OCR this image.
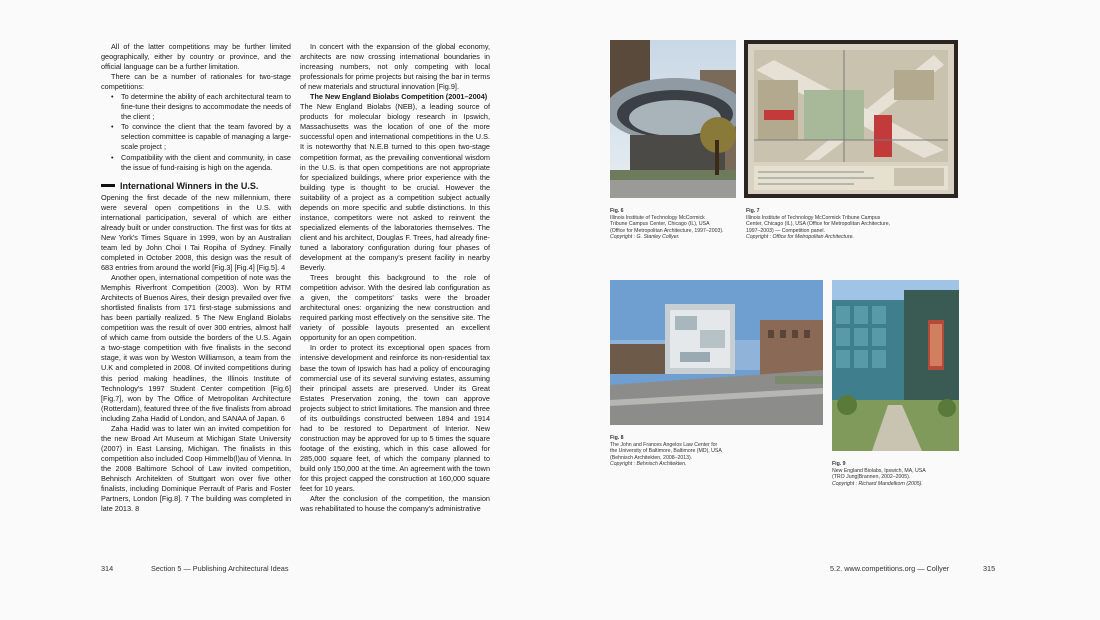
All of the latter competitions may be further limited geographically, either by country or province, and the official language can be a further limitation.

There can be a number of rationales for two-stage competitions:

• To determine the ability of each architectural team to fine-tune their designs to accommodate the needs of the client ;
• To convince the client that the team favored by a selection committee is capable of managing a large-scale project ;
• Compatibility with the client and community, in case the issue of fund-raising is high on the agenda.
International Winners in the U.S.

Opening the first decade of the new millennium, there were several open competitions in the U.S. with international participation, several of which are either already built or under construction. The first was for tkts at New York's Times Square in 1999, won by an Australian team led by John Choi I Tai Ropiha of Sydney. Finally completed in October 2008, this design was the result of 683 entries from around the world [Fig.3] [Fig.4] [Fig.5]. 4

Another open, international competition of note was the Memphis Riverfront Competition (2003). Won by RTM Architects of Buenos Aires, their design prevailed over five shortlisted finalists from 171 first-stage submissions and has been partially realized. 5 The New England Biolabs competition was the result of over 300 entries, almost half of which came from outside the borders of the U.S. Again a two-stage competition with five finalists in the second stage, it was won by Weston Williamson, a team from the U.K and completed in 2008. Of invited competitions during this period making headlines, the Illinois Institute of Technology's 1997 Student Center competition [Fig.6] [Fig.7], won by The Office of Metropolitan Architecture (Rotterdam), featured three of the five finalists from abroad including Zaha Hadid of London, and SANAA of Japan. 6

Zaha Hadid was to later win an invited competition for the new Broad Art Museum at Michigan State University (2007) in East Lansing, Michigan. The finalists in this competition also included Coop Himmelb(l)au of Vienna. In the 2008 Baltimore School of Law invited competition, Behnisch Architekten of Stuttgart won over five other finalists, including Dominique Perrault of Paris and Foster Partners, London [Fig.8]. 7 The building was completed in late 2013. 8

In concert with the expansion of the global economy, architects are now crossing international boundaries in increasing numbers, not only competing with local professionals for prime projects but raising the bar in terms of new materials and structural innovation [Fig.9].

The New England Biolabs Competition (2001–2004)

The New England Biolabs (NEB), a leading source of products for molecular biology research in Ipswich, Massachusetts was the location of one of the more successful open and international competitions in the U.S. It is noteworthy that N.E.B turned to this open two-stage competition format, as the prevailing conventional wisdom in the U.S. is that open competitions are not appropriate for specialized buildings, where prior experience with the building type is thought to be crucial. However the suitability of a project as a competition subject actually depends on more specific and subtle distinctions. In this instance, competitors were not asked to reinvent the specialized elements of the laboratories themselves. The client and his architect, Douglas F. Trees, had already fine-tuned a laboratory configuration during four phases of development at the company's present facility in nearby Beverly.

Trees brought this background to the role of competition advisor. With the desired lab configuration as a given, the competitors' tasks were the broader architectural ones: organizing the new construction and required parking most effectively on the sensitive site. The variety of possible layouts presented an excellent opportunity for an open competition.

In order to protect its exceptional open spaces from intensive development and reinforce its non-residential tax base the town of Ipswich has had a policy of encouraging commercial use of its several surviving estates, assuming their principal assets are preserved. Under its Great Estates Preservation zoning, the town can approve projects subject to strict limitations. The mansion and three of its outbuildings constructed between 1894 and 1914 had to be restored to Department of Interior. New construction may be approved for up to 5 times the square footage of the existing, which in this case allowed for 285,000 square feet, of which the company planned to build only 150,000 at the time. An agreement with the town for this project capped the construction at 160,000 square feet for 10 years.

After the conclusion of the competition, the mansion was rehabilitated to house the company's administrative

Fig. 6
Illinois Institute of Technology McCormick
Tribune Campus Center, Chicago (IL), USA
(Office for Metropolitan Architecture, 1997–2003).
Copyright : G. Stanley Collyer.
Fig. 7
Illinois Institute of Technology McCormick Tribune Campus
Center, Chicago (IL), USA (Office for Metropolitan Architecture,
1997–2003) — Competition panel.
Copyright : Office for Metropolitan Architecture.
Fig. 8
The John and Frances Angelos Law Center for
the University of Baltimore, Baltimore (MD), USA
(Behnisch Architekten, 2008–2013).
Copyright : Behnisch Architekten.	Fig. 9
New England Biolabs, Ipswich, MA, USA
(TRO Jung|Brannen, 2002–2005).
Copyright : Richard Mandelkorn (2005).
314	Section 5 — Publishing Architectural Ideas	5.2. www.competitions.org — Collyer	315
